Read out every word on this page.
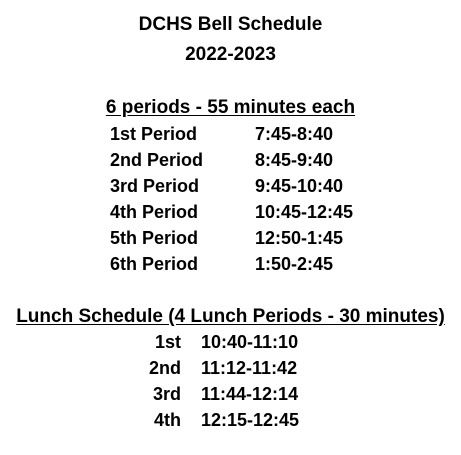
DCHS Bell Schedule
2022-2023
6 periods - 55 minutes each
1st Period	7:45-8:40
2nd Period	8:45-9:40
3rd Period	9:45-10:40
4th Period	10:45-12:45
5th Period	12:50-1:45
6th Period	1:50-2:45
Lunch Schedule (4 Lunch Periods - 30 minutes)
1st 10:40-11:10
2nd 11:12-11:42
3rd 11:44-12:14
4th 12:15-12:45
